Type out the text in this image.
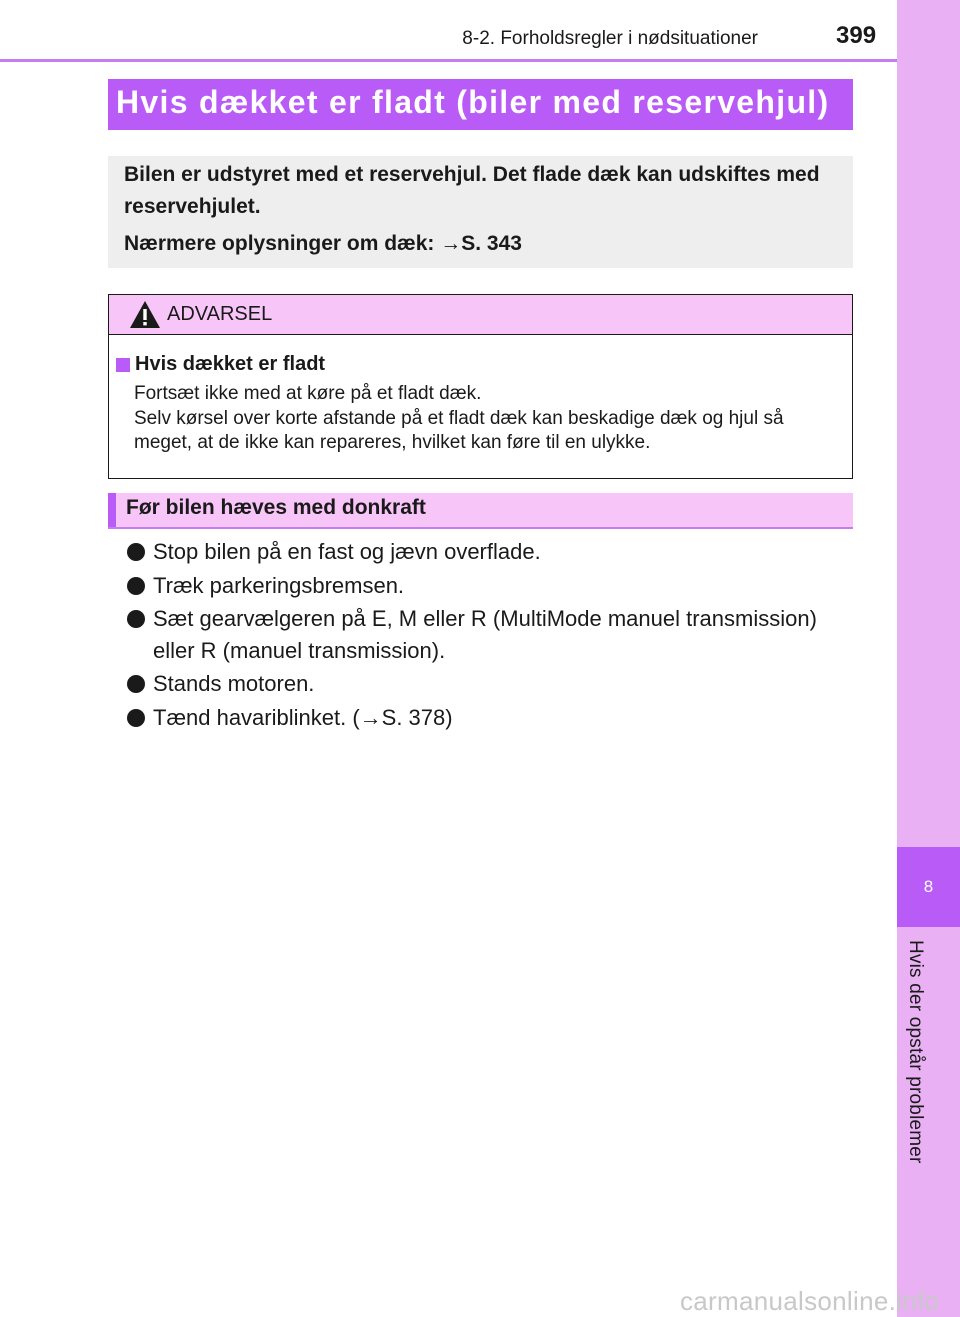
8-2. Forholdsregler i nødsituationer	399
8
Hvis der opstår problemer
Hvis dækket er fladt (biler med reservehjul)

Bilen er udstyret med et reservehjul. Det flade dæk kan udskiftes med reservehjulet.

Nærmere oplysninger om dæk: →S. 343

ADVARSEL
Hvis dækket er fladt
Fortsæt ikke med at køre på et fladt dæk.
Selv kørsel over korte afstande på et fladt dæk kan beskadige dæk og hjul så meget, at de ikke kan repareres, hvilket kan føre til en ulykke.
Før bilen hæves med donkraft
Stop bilen på en fast og jævn overflade.
Træk parkeringsbremsen.
Sæt gearvælgeren på E, M eller R (MultiMode manuel transmission) eller R (manuel transmission).
Stands motoren.
Tænd havariblinket. (→S. 378)
carmanualsonline.info
